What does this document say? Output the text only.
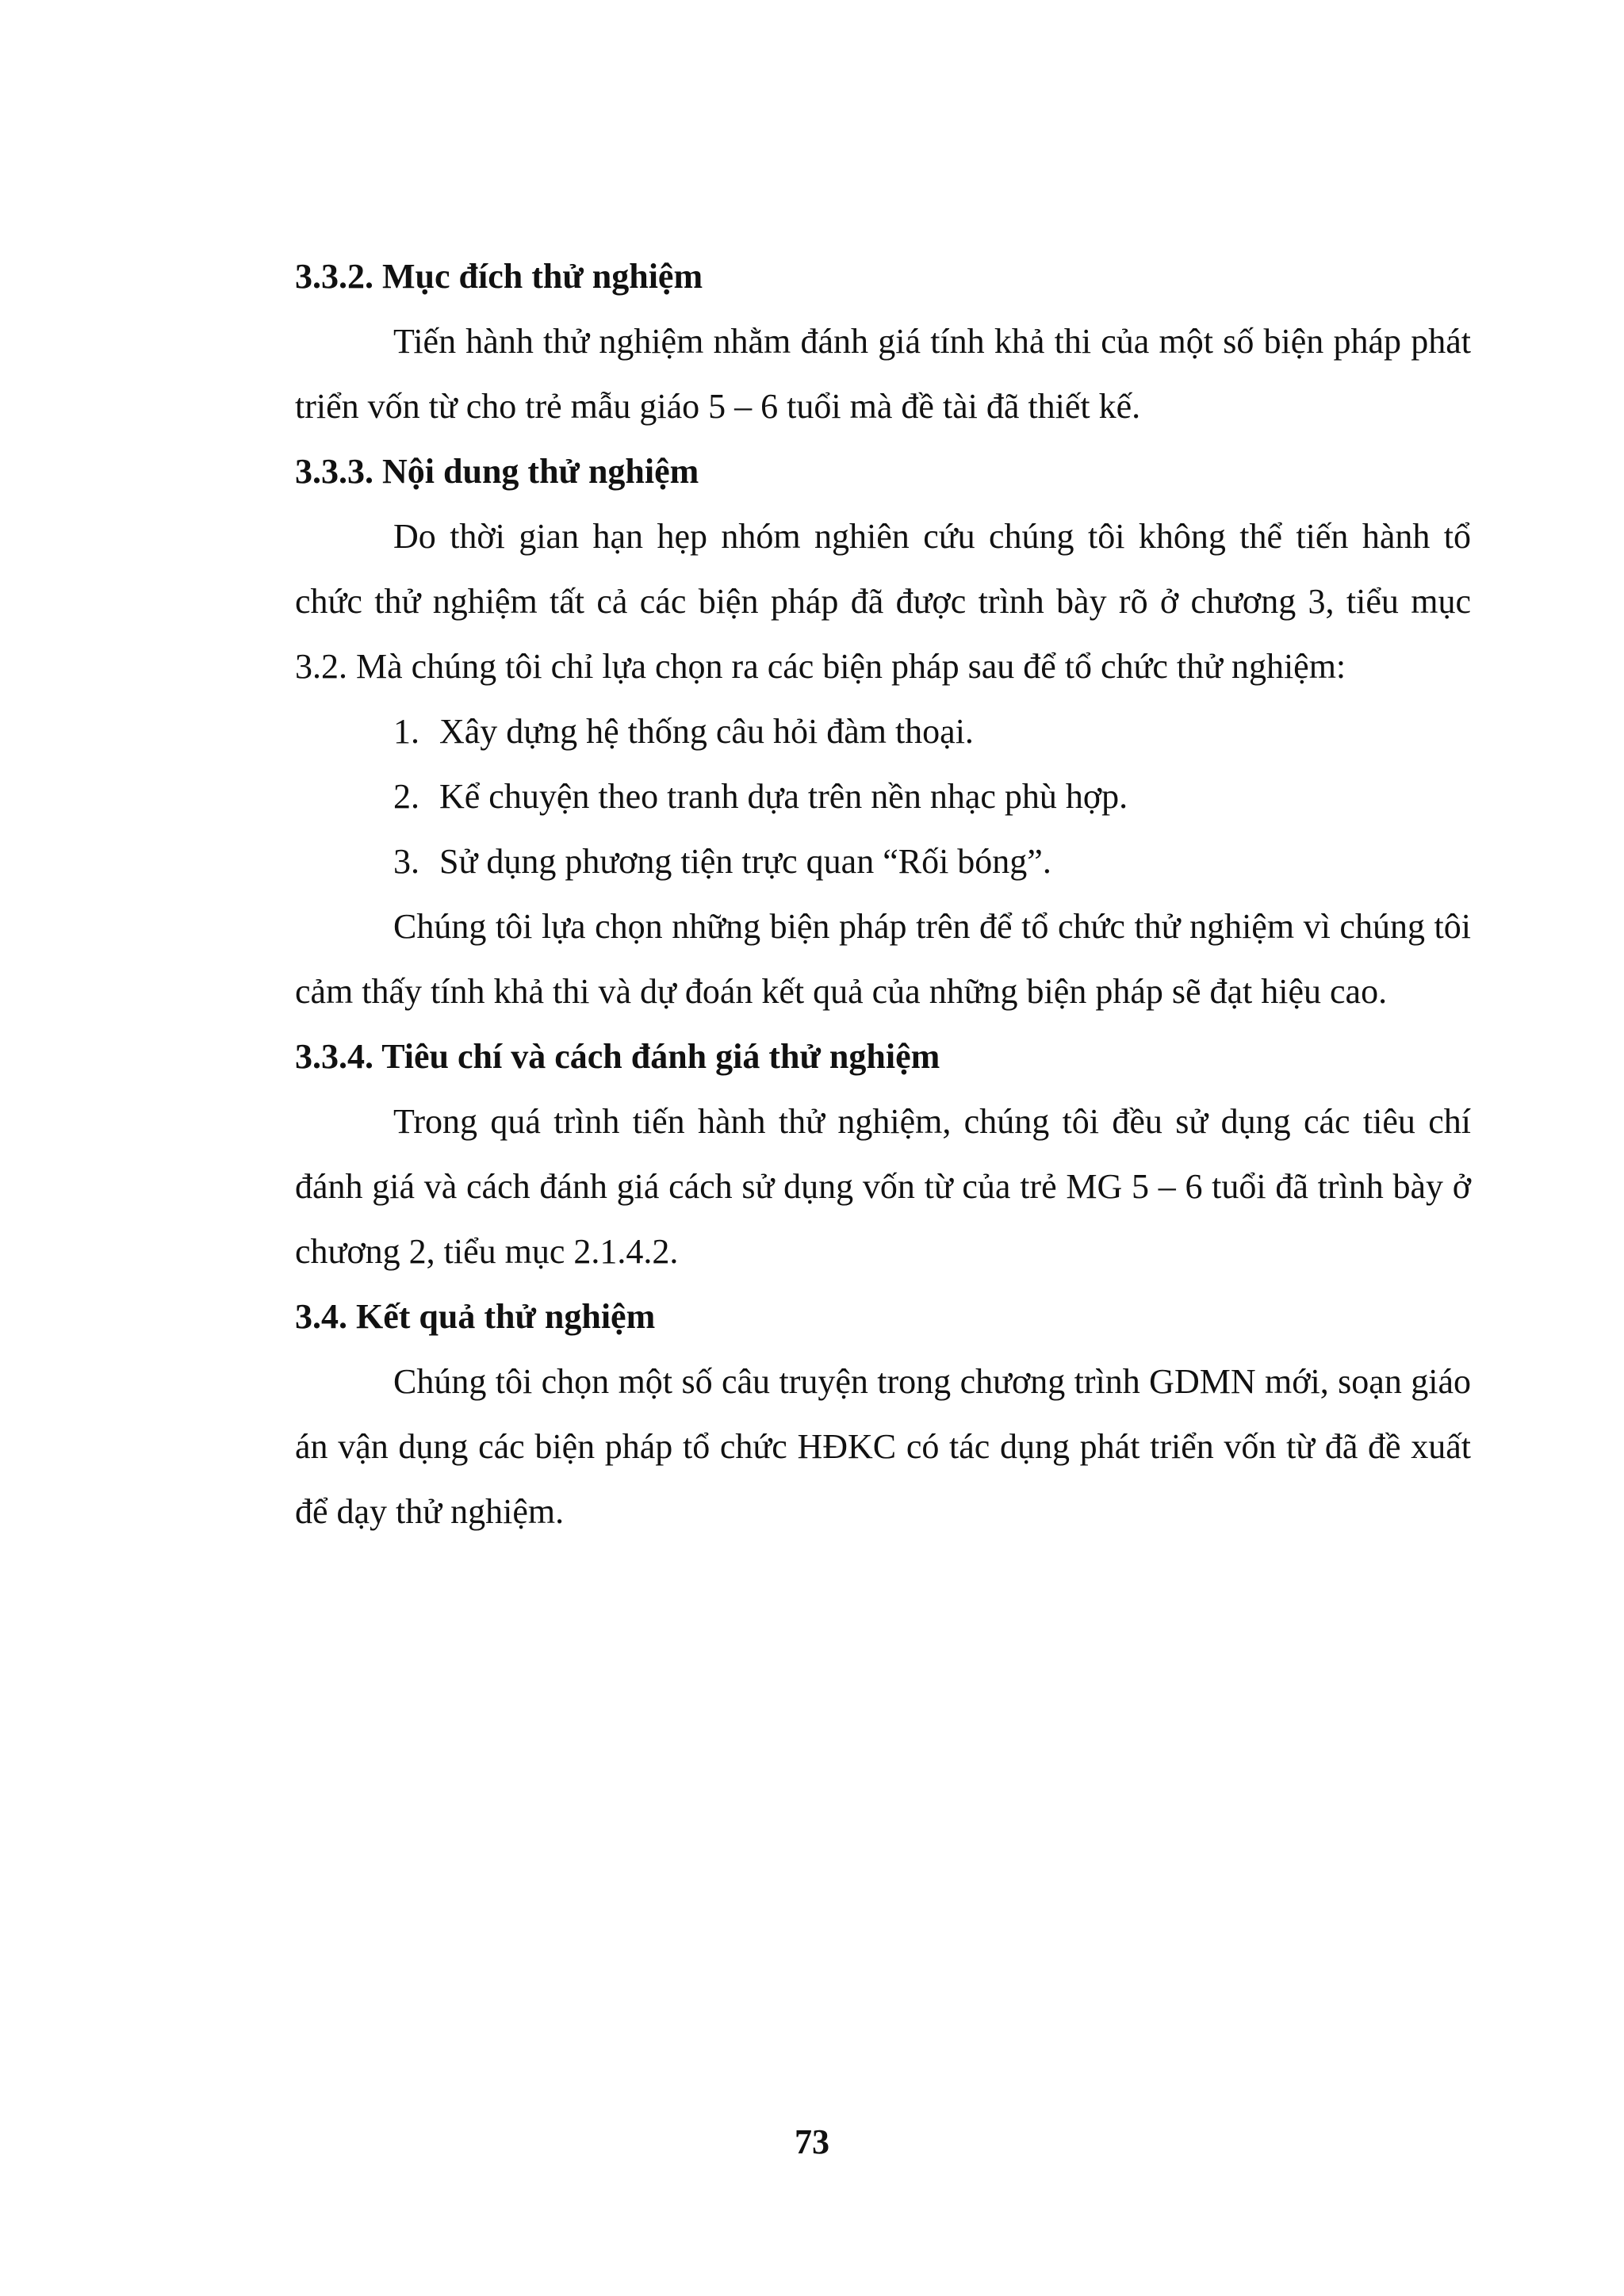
3.3.2. Mục đích thử nghiệm

Tiến hành thử nghiệm nhằm đánh giá tính khả thi của một số biện pháp phát triển vốn từ cho trẻ mẫu giáo 5 – 6 tuổi mà đề tài đã thiết kế.

3.3.3. Nội dung thử nghiệm

Do thời gian hạn hẹp nhóm nghiên cứu chúng tôi không thể tiến hành tổ chức thử nghiệm tất cả các biện pháp đã được trình bày rõ ở chương 3, tiểu mục 3.2. Mà chúng tôi chỉ lựa chọn ra các biện pháp sau để tổ chức thử nghiệm:

1. Xây dựng hệ thống câu hỏi đàm thoại.
2. Kể chuyện theo tranh dựa trên nền nhạc phù hợp.
3. Sử dụng phương tiện trực quan “Rối bóng”.

Chúng tôi lựa chọn những biện pháp trên để tổ chức thử nghiệm vì chúng tôi cảm thấy tính khả thi và dự đoán kết quả của những biện pháp sẽ đạt hiệu cao.

3.3.4. Tiêu chí và cách đánh giá thử nghiệm

Trong quá trình tiến hành thử nghiệm, chúng tôi đều sử dụng các tiêu chí đánh giá và cách đánh giá cách sử dụng vốn từ của trẻ MG 5 – 6 tuổi đã trình bày ở chương 2, tiểu mục 2.1.4.2.

3.4. Kết quả thử nghiệm

Chúng tôi chọn một số câu truyện trong chương trình GDMN mới, soạn giáo án vận dụng các biện pháp tổ chức HĐKC có tác dụng phát triển vốn từ đã đề xuất để dạy thử nghiệm.

73
